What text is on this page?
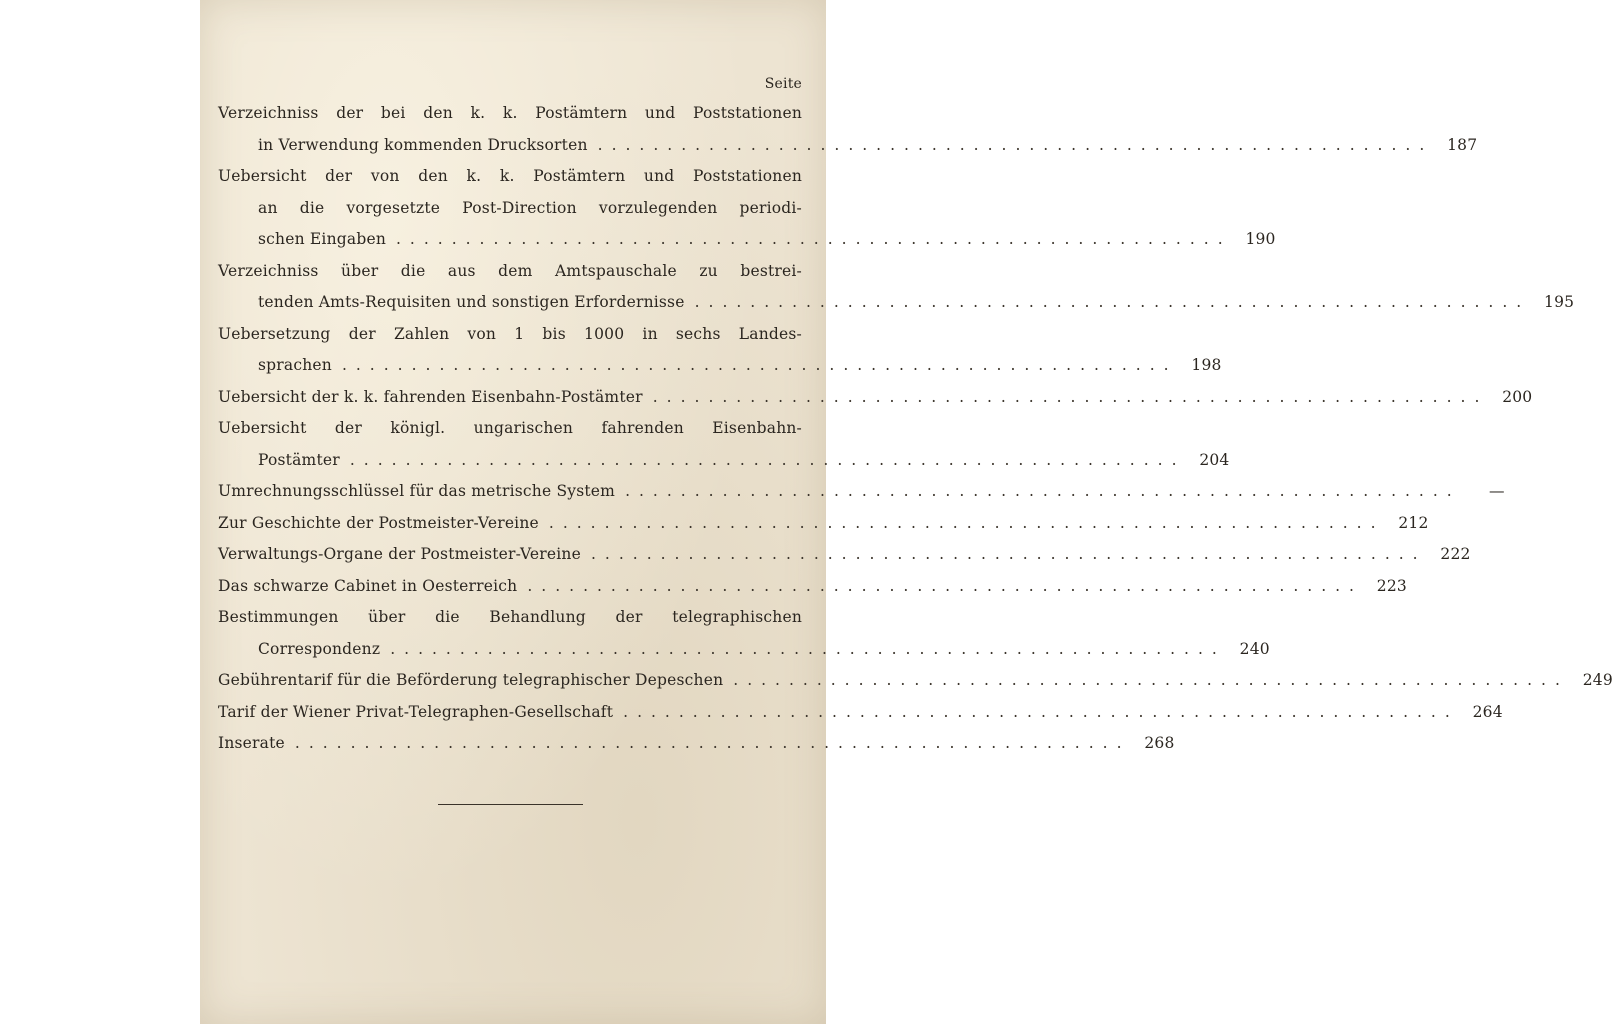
Seite
Verzeichniss der bei den k. k. Postämtern und Poststationen
in Verwendung kommenden Drucksorten ............................................................ 187
Uebersicht der von den k. k. Postämtern und Poststationen
an die vorgesetzte Post-Direction vorzulegenden periodi-
schen Eingaben ............................................................ 190
Verzeichniss über die aus dem Amtspauschale zu bestrei-
tenden Amts-Requisiten und sonstigen Erfordernisse ............................................................ 195
Uebersetzung der Zahlen von 1 bis 1000 in sechs Landes-
sprachen ............................................................ 198
Uebersicht der k. k. fahrenden Eisenbahn-Postämter ............................................................ 200
Uebersicht der königl. ungarischen fahrenden Eisenbahn-
Postämter ............................................................ 204
Umrechnungsschlüssel für das metrische System ............................................................	—
Zur Geschichte der Postmeister-Vereine ............................................................ 212
Verwaltungs-Organe der Postmeister-Vereine ............................................................ 222
Das schwarze Cabinet in Oesterreich ............................................................ 223
Bestimmungen über die Behandlung der telegraphischen
Correspondenz ............................................................ 240
Gebührentarif für die Beförderung telegraphischer Depeschen ............................................................ 249
Tarif der Wiener Privat-Telegraphen-Gesellschaft ............................................................ 264
Inserate ............................................................ 268
